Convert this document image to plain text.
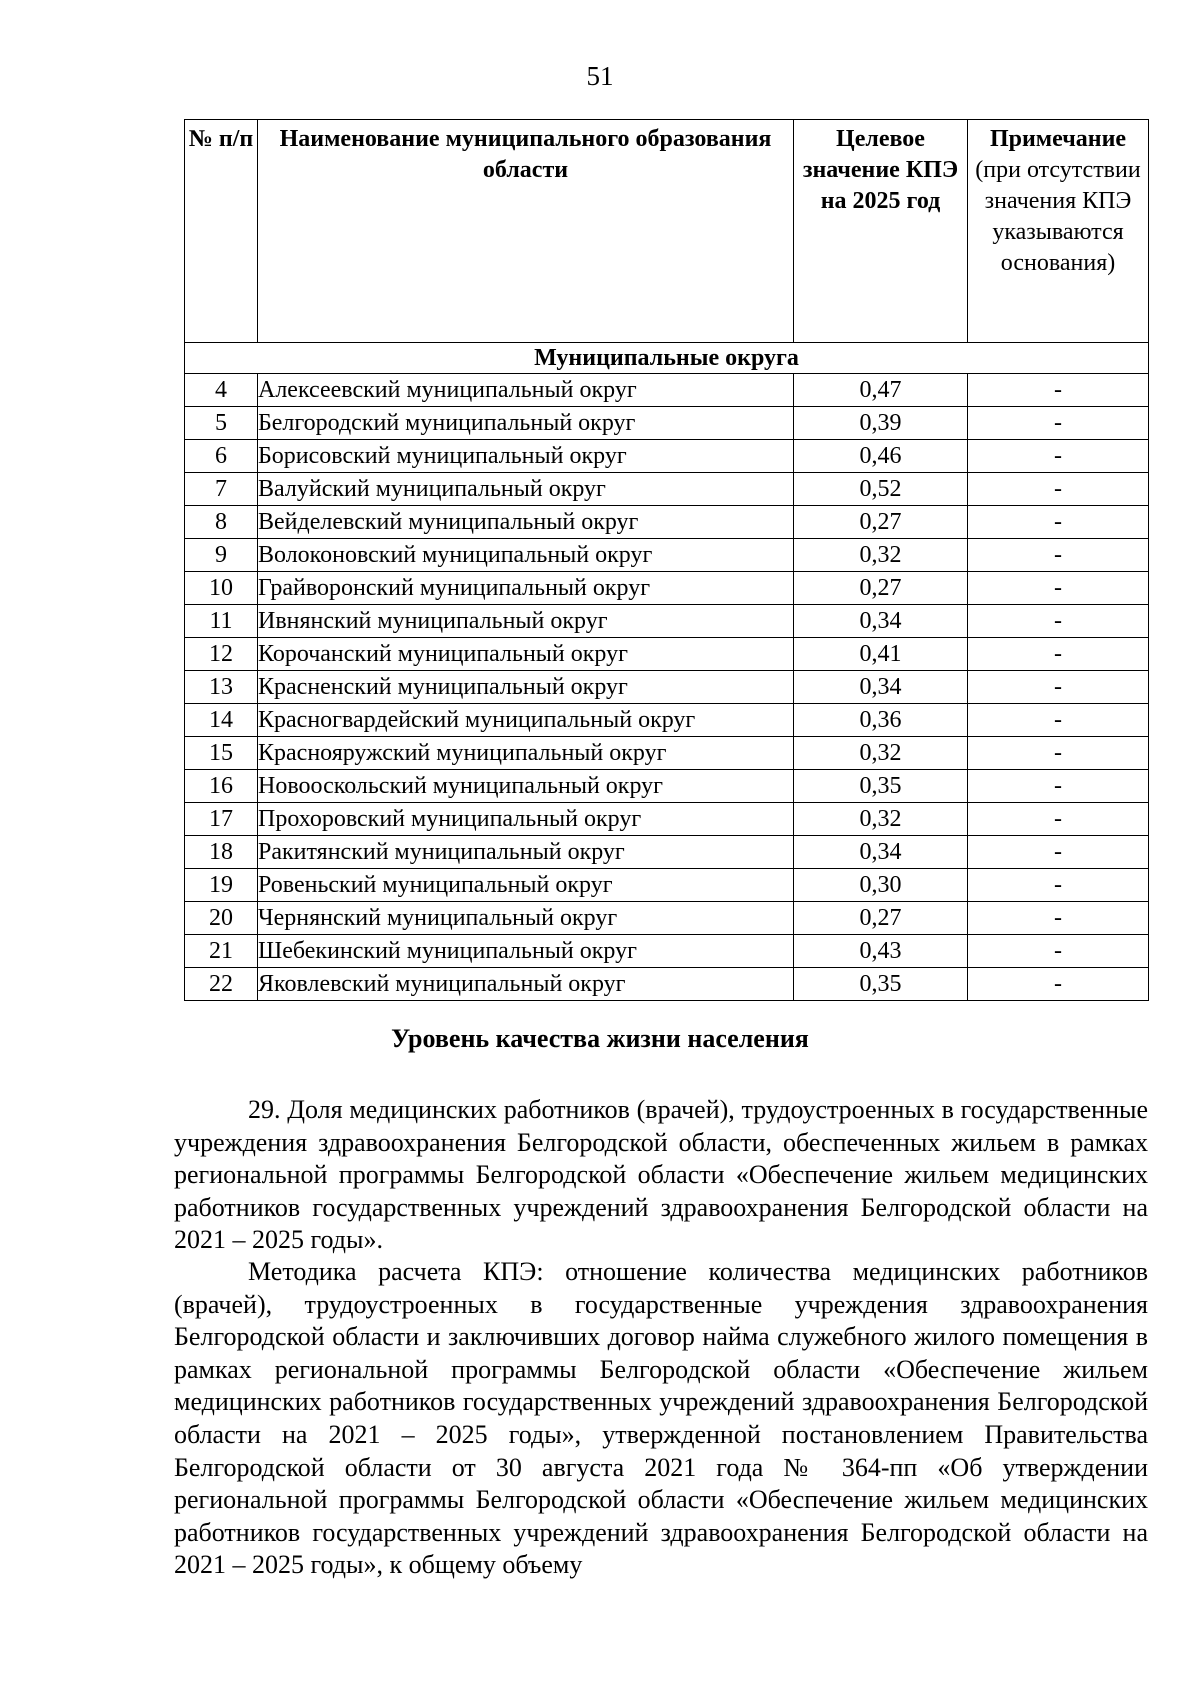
51
№ п/п	Наименование муниципального образования области	Целевое значение КПЭ на 2025 год	Примечание
(при отсутствии значения КПЭ указываются основания)

Муниципальные округа			
4	Алексеевский муниципальный округ	0,47	-
5	Белгородский муниципальный округ	0,39	-
6	Борисовский муниципальный округ	0,46	-
7	Валуйский муниципальный округ	0,52	-
8	Вейделевский муниципальный округ	0,27	-
9	Волоконовский муниципальный округ	0,32	-
10	Грайворонский муниципальный округ	0,27	-
11	Ивнянский муниципальный округ	0,34	-
12	Корочанский муниципальный округ	0,41	-
13	Красненский муниципальный округ	0,34	-
14	Красногвардейский муниципальный округ	0,36	-
15	Краснояружский муниципальный округ	0,32	-
16	Новооскольский муниципальный округ	0,35	-
17	Прохоровский муниципальный округ	0,32	-
18	Ракитянский муниципальный округ	0,34	-
19	Ровеньский муниципальный округ	0,30	-
20	Чернянский муниципальный округ	0,27	-
21	Шебекинский муниципальный округ	0,43	-
22	Яковлевский муниципальный округ	0,35	-
Уровень качества жизни населения

29. Доля медицинских работников (врачей), трудоустроенных в государственные учреждения здравоохранения Белгородской области, обеспеченных жильем в рамках региональной программы Белгородской области «Обеспечение жильем медицинских работников государственных учреждений здравоохранения Белгородской области на 2021 – 2025 годы».

Методика расчета КПЭ: отношение количества медицинских работников (врачей), трудоустроенных в государственные учреждения здравоохранения Белгородской области и заключивших договор найма служебного жилого помещения в рамках региональной программы Белгородской области «Обеспечение жильем медицинских работников государственных учреждений здравоохранения Белгородской области на 2021 – 2025 годы», утвержденной постановлением Правительства Белгородской области от 30 августа 2021 года № 364-пп «Об утверждении региональной программы Белгородской области «Обеспечение жильем медицинских работников государственных учреждений здравоохранения Белгородской области на 2021 – 2025 годы», к общему объему
